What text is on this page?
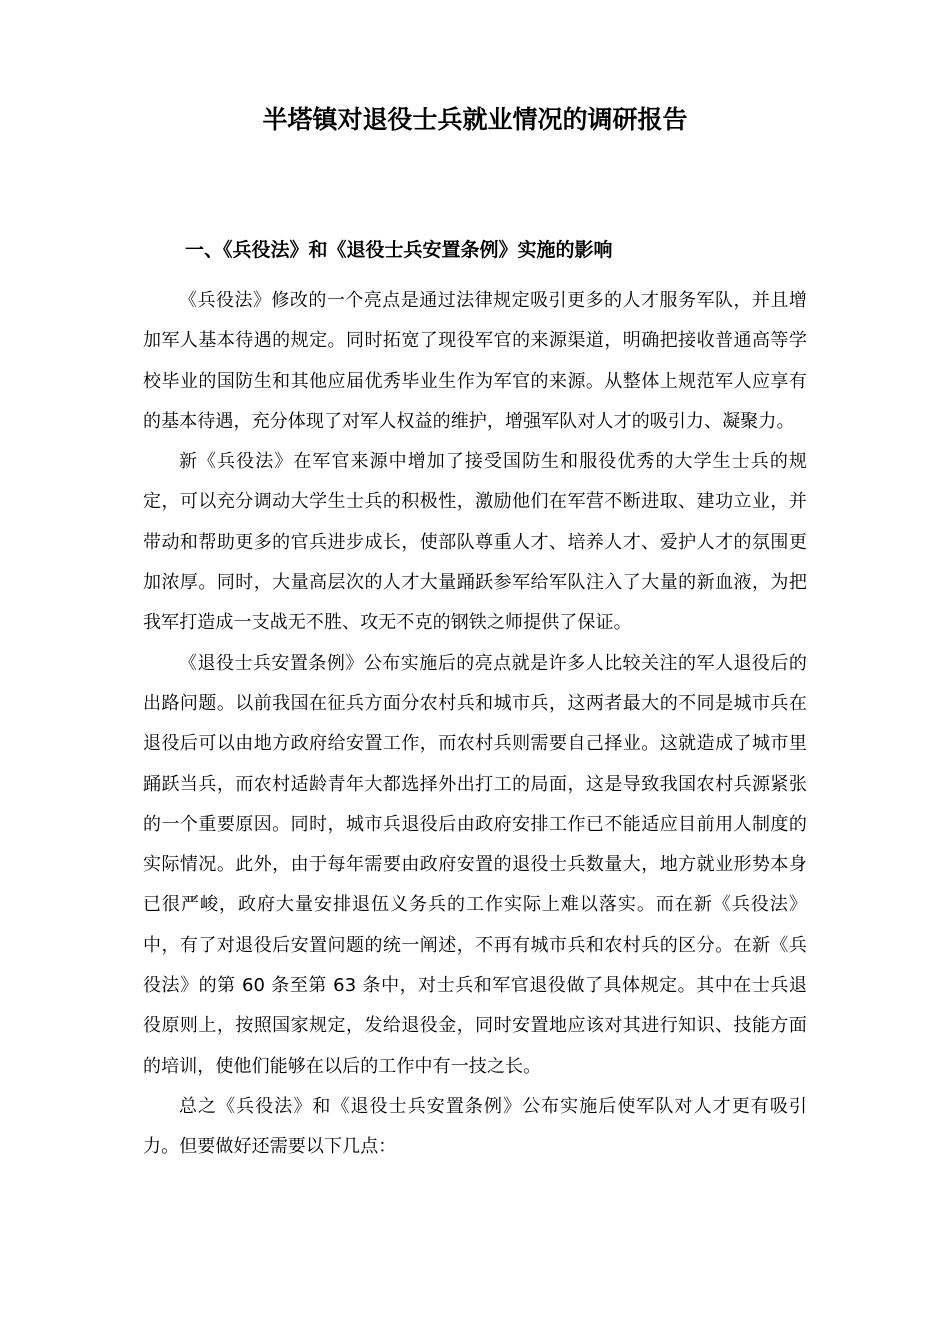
半塔镇对退役士兵就业情况的调研报告
一、《兵役法》和《退役士兵安置条例》实施的影响

《兵役法》修改的一个亮点是通过法律规定吸引更多的人才服务军队，并且增加军人基本待遇的规定。同时拓宽了现役军官的来源渠道，明确把接收普通高等学校毕业的国防生和其他应届优秀毕业生作为军官的来源。从整体上规范军人应享有的基本待遇，充分体现了对军人权益的维护，增强军队对人才的吸引力、凝聚力。

新《兵役法》在军官来源中增加了接受国防生和服役优秀的大学生士兵的规定，可以充分调动大学生士兵的积极性，激励他们在军营不断进取、建功立业，并带动和帮助更多的官兵进步成长，使部队尊重人才、培养人才、爱护人才的氛围更加浓厚。同时，大量高层次的人才大量踊跃参军给军队注入了大量的新血液，为把我军打造成一支战无不胜、攻无不克的钢铁之师提供了保证。

《退役士兵安置条例》公布实施后的亮点就是许多人比较关注的军人退役后的出路问题。以前我国在征兵方面分农村兵和城市兵，这两者最大的不同是城市兵在退役后可以由地方政府给安置工作，而农村兵则需要自己择业。这就造成了城市里踊跃当兵，而农村适龄青年大都选择外出打工的局面，这是导致我国农村兵源紧张的一个重要原因。同时，城市兵退役后由政府安排工作已不能适应目前用人制度的实际情况。此外，由于每年需要由政府安置的退役士兵数量大，地方就业形势本身已很严峻，政府大量安排退伍义务兵的工作实际上难以落实。而在新《兵役法》中，有了对退役后安置问题的统一阐述，不再有城市兵和农村兵的区分。在新《兵役法》的第 60 条至第 63 条中，对士兵和军官退役做了具体规定。其中在士兵退役原则上，按照国家规定，发给退役金，同时安置地应该对其进行知识、技能方面的培训，使他们能够在以后的工作中有一技之长。

总之《兵役法》和《退役士兵安置条例》公布实施后使军队对人才更有吸引力。但要做好还需要以下几点：
